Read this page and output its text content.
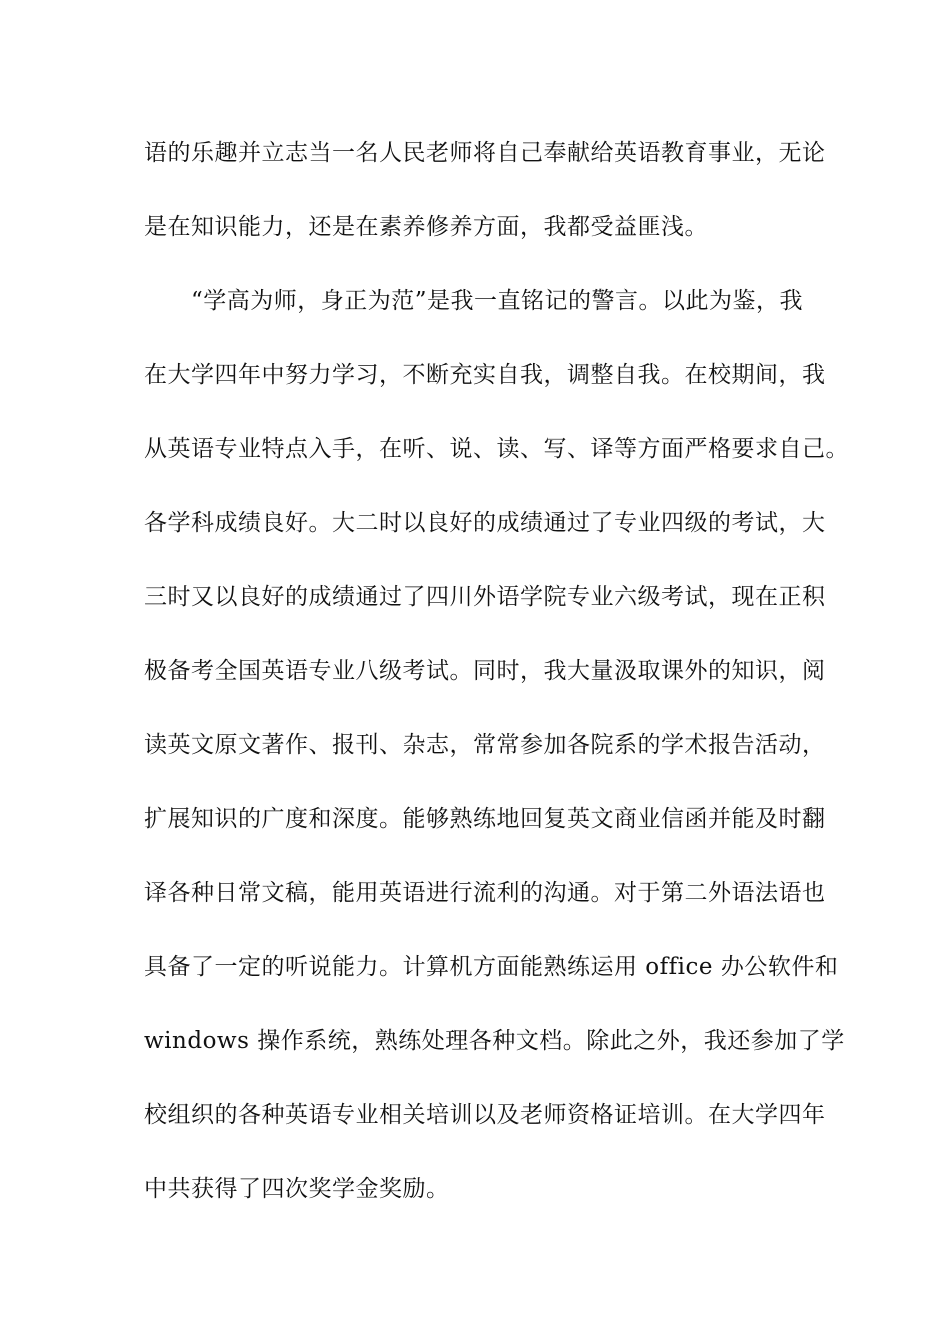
语的乐趣并立志当一名人民老师将自己奉献给英语教育事业，无论
是在知识能力，还是在素养修养方面，我都受益匪浅。
“学高为师，身正为范”是我一直铭记的警言。以此为鉴，我
在大学四年中努力学习，不断充实自我，调整自我。在校期间，我
从英语专业特点入手，在听、说、读、写、译等方面严格要求自己。
各学科成绩良好。大二时以良好的成绩通过了专业四级的考试，大
三时又以良好的成绩通过了四川外语学院专业六级考试，现在正积
极备考全国英语专业八级考试。同时，我大量汲取课外的知识，阅
读英文原文著作、报刊、杂志，常常参加各院系的学术报告活动，
扩展知识的广度和深度。能够熟练地回复英文商业信函并能及时翻
译各种日常文稿，能用英语进行流利的沟通。对于第二外语法语也
具备了一定的听说能力。计算机方面能熟练运用 office 办公软件和
windows 操作系统，熟练处理各种文档。除此之外，我还参加了学
校组织的各种英语专业相关培训以及老师资格证培训。在大学四年
中共获得了四次奖学金奖励。
